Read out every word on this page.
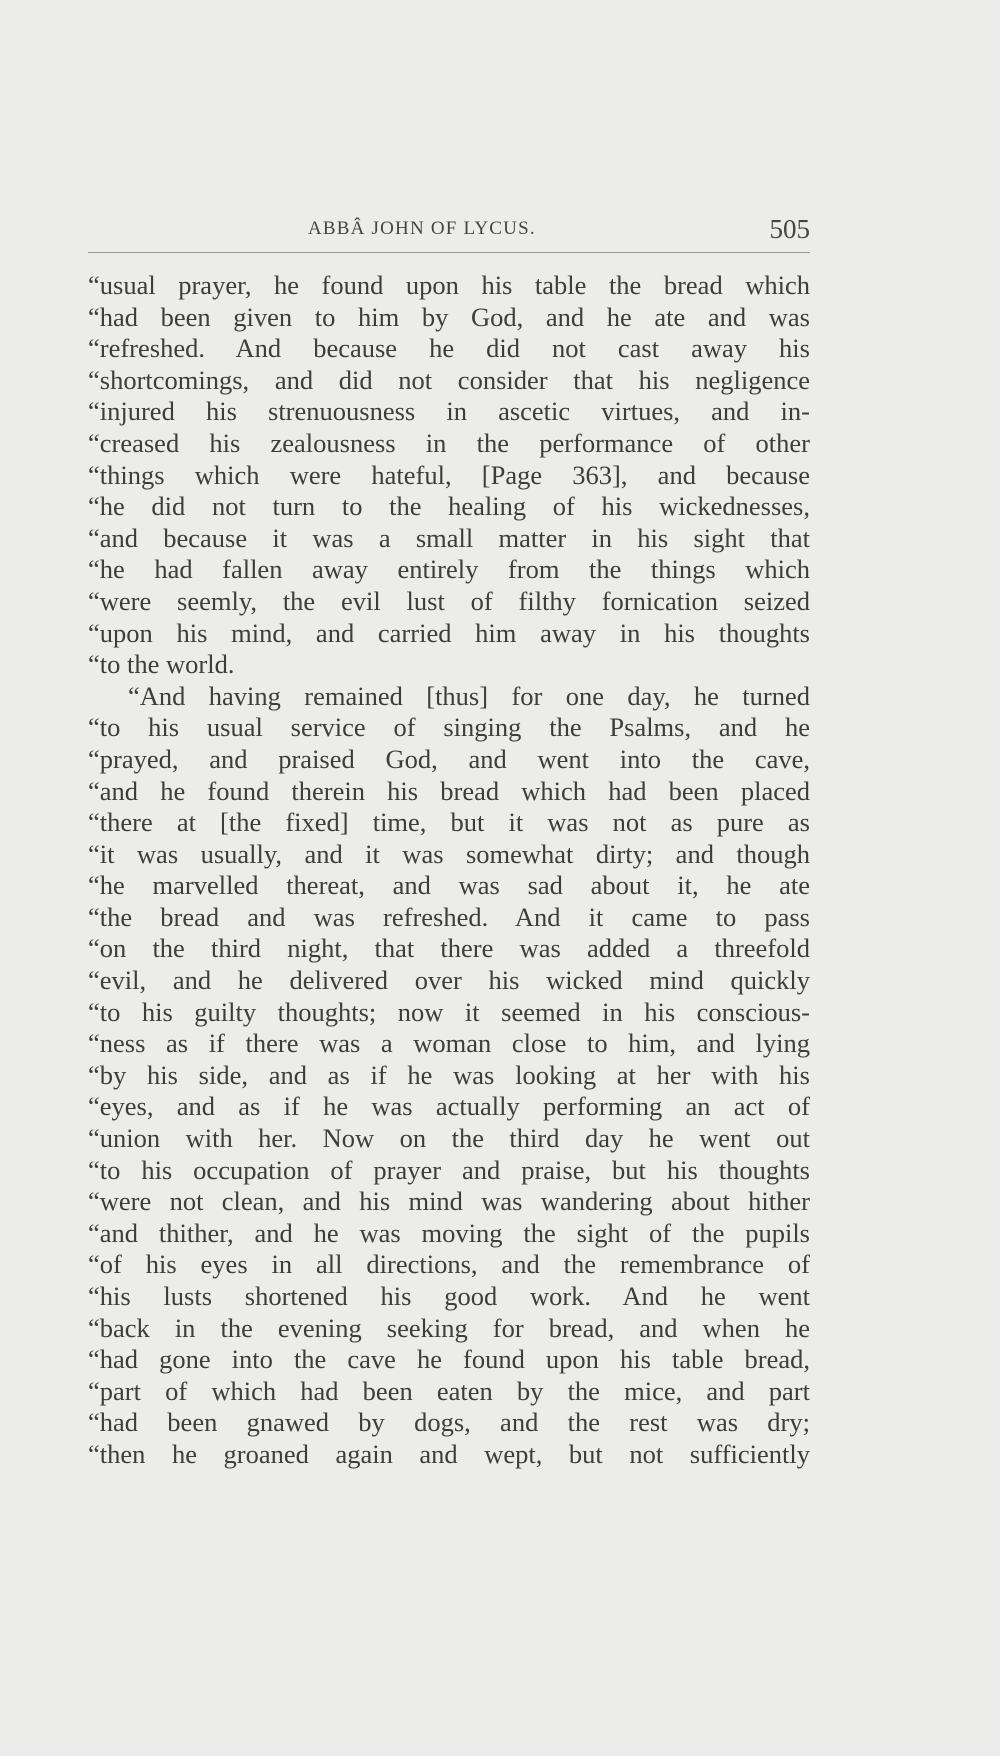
ABBÂ JOHN OF LYCUS.	505
“usual prayer, he found upon his table the bread which
“had been given to him by God, and he ate and was
“refreshed. And because he did not cast away his
“shortcomings, and did not consider that his negligence
“injured his strenuousness in ascetic virtues, and in-
“creased his zealousness in the performance of other
“things which were hateful, [Page 363], and because
“he did not turn to the healing of his wickednesses,
“and because it was a small matter in his sight that
“he had fallen away entirely from the things which
“were seemly, the evil lust of filthy fornication seized
“upon his mind, and carried him away in his thoughts
“to the world.
“And having remained [thus] for one day, he turned
“to his usual service of singing the Psalms, and he
“prayed, and praised God, and went into the cave,
“and he found therein his bread which had been placed
“there at [the fixed] time, but it was not as pure as
“it was usually, and it was somewhat dirty; and though
“he marvelled thereat, and was sad about it, he ate
“the bread and was refreshed. And it came to pass
“on the third night, that there was added a threefold
“evil, and he delivered over his wicked mind quickly
“to his guilty thoughts; now it seemed in his conscious-
“ness as if there was a woman close to him, and lying
“by his side, and as if he was looking at her with his
“eyes, and as if he was actually performing an act of
“union with her. Now on the third day he went out
“to his occupation of prayer and praise, but his thoughts
“were not clean, and his mind was wandering about hither
“and thither, and he was moving the sight of the pupils
“of his eyes in all directions, and the remembrance of
“his lusts shortened his good work. And he went
“back in the evening seeking for bread, and when he
“had gone into the cave he found upon his table bread,
“part of which had been eaten by the mice, and part
“had been gnawed by dogs, and the rest was dry;
“then he groaned again and wept, but not sufficiently
